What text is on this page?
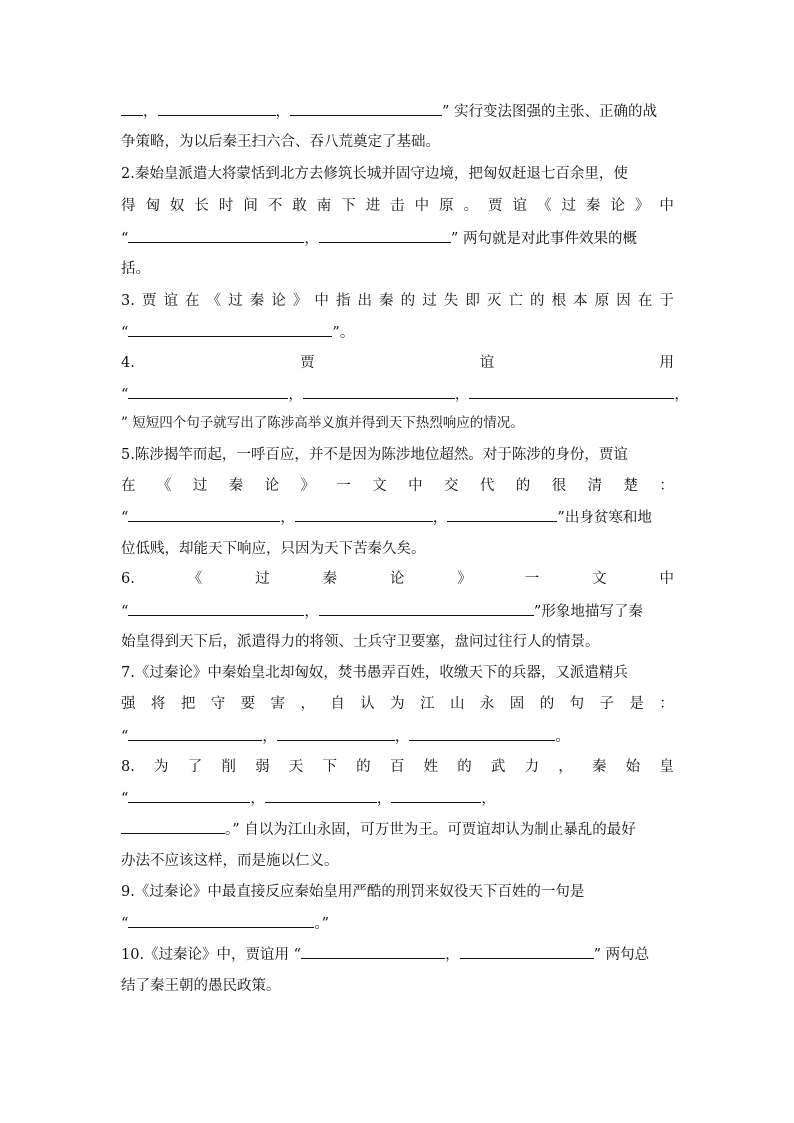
，	，	” 实行变法图强的主张、正确的战
争策略，为以后秦王扫六合、吞八荒奠定了基础。
2.秦始皇派遣大将蒙恬到北方去修筑长城并固守边境，把匈奴赶退七百余里，使
得 匈 奴 长 时 间 不 敢 南 下 进 击 中 原 。 贾 谊 《 过 秦 论 》 中
“	，	” 两句就是对此事件效果的概
括。
3. 贾 谊 在 《 过 秦 论 》 中 指 出 秦 的 过 失 即 灭 亡 的 根 本 原 因 在 于
“	”。
4.	贾	谊	用
“	，	，	，
” 短短四个句子就写出了陈涉高举义旗并得到天下热烈响应的情况。
5.陈涉揭竿而起，一呼百应，并不是因为陈涉地位超然。对于陈涉的身份，贾谊
在 《 过 秦 论 》 一 文 中 交 代 的 很 清 楚 ：
“	，	，	”出身贫寒和地
位低贱，却能天下响应，只因为天下苦秦久矣。
6.	《	过	秦	论	》	一	文	中
“	，	”形象地描写了秦
始皇得到天下后，派遣得力的将领、士兵守卫要塞，盘问过往行人的情景。
7.《过秦论》中秦始皇北却匈奴，焚书愚弄百姓，收缴天下的兵器，又派遣精兵
强 将 把 守 要 害 ， 自 认 为 江 山 永 固 的 句 子 是 ：
“	，	，	。
8. 为 了 削 弱 天 下 的 百 姓 的 武 力 ， 秦 始 皇
“	，	，	，
。” 自以为江山永固，可万世为王。可贾谊却认为制止暴乱的最好
办法不应该这样，而是施以仁义。
9.《过秦论》中最直接反应秦始皇用严酷的刑罚来奴役天下百姓的一句是
“	。”
10.《过秦论》中，贾谊用 “	，	” 两句总
结了秦王朝的愚民政策。
